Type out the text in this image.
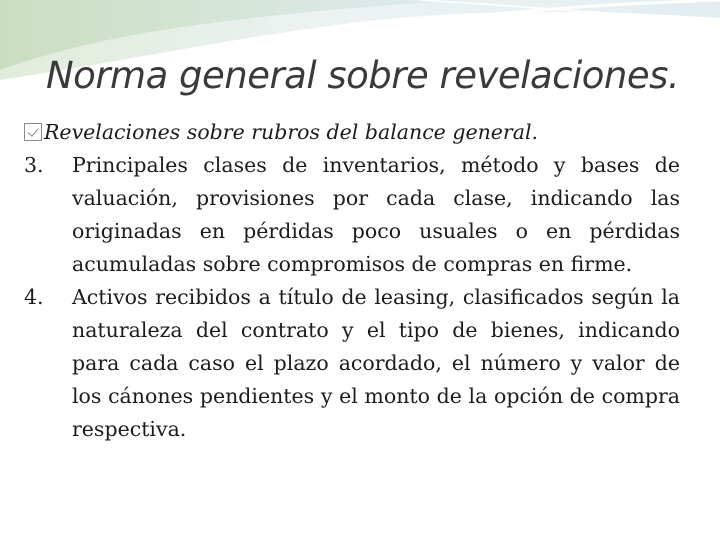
Norma general sobre revelaciones.
Revelaciones sobre rubros del balance general.
3.	Principales clases de inventarios, método y bases de valuación, provisiones por cada clase, indicando las originadas en pérdidas poco usuales o en pérdidas acumuladas sobre compromisos de compras en firme.
4.	Activos recibidos a título de leasing, clasificados según la naturaleza del contrato y el tipo de bienes, indicando para cada caso el plazo acordado, el número y valor de los cánones pendientes y el monto de la opción de compra respectiva.
